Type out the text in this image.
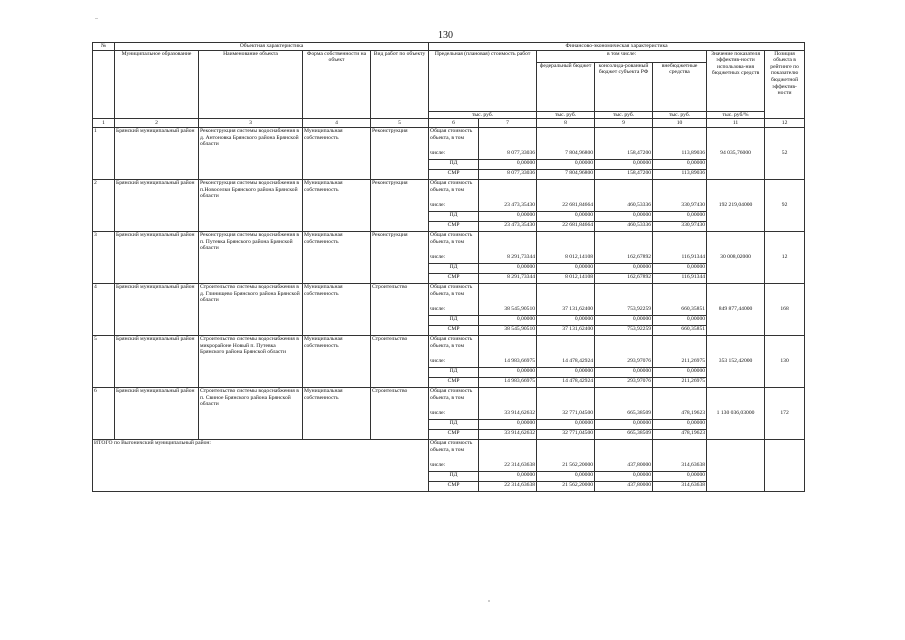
130
№	Объектная характеристика				Финансово-экономическая характеристика						
	Муниципальное образование	Наименование объекта	Форма собственности на объект	Вид работ по объекту	Предельная (плановая) стоимость работ		в том числе:			Значение показателя эффектив-ности использова-ния бюджетных средств	Позиция объекта в рейтинге по показателю бюджетной эффектив-ности
							федеральный бюджет	консолида-рованный бюджет субъекта РФ	внебюджетные средства		
					тыс. руб.		тыс. руб.	тыс. руб.	тыс. руб.	тыс. руб/%	
1	2	3	4	5	6	7	8	9	10	11	12
1	Брянский муниципальный район	Реконструкция системы водоснабжения в д. Антоновка Брянского района Брянской области	Муниципальная собственность	Реконструкция	Общая стоимость объекта, в том					94 035,76000	52
					числе:	8 077,33036	7 804,96800	158,47200	113,89036		
					ПД	0,00000	0,00000	0,00000	0,00000		
					СМР	8 077,33036	7 804,96800	158,47200	113,89036		
2	Брянский муниципальный район	Реконструкция системы водоснабжения в п.Новоселки Брянского района Брянской области	Муниципальная собственность	Реконструкция	Общая стоимость объекта, в том					192 219,04000	92
					числе:	23 473,35430	22 681,84664	460,53336	330,97430		
					ПД	0,00000	0,00000	0,00000	0,00000		
					СМР	23 473,35430	22 681,84664	460,53336	330,97430		
3	Брянский муниципальный район	Реконструкция системы водоснабжения в п. Путевка Брянского района Брянской области	Муниципальная собственность	Реконструкция	Общая стоимость объекта, в том					30 008,02000	12
					числе:	8 291,73344	8 012,14108	162,67892	116,91344		
					ПД	0,00000	0,00000	0,00000	0,00000		
					СМР	8 291,73344	8 012,14108	162,67892	116,91344		
4	Брянский муниципальный район	Строительство системы водоснабжения в д. Глинищево Брянского района Брянской области	Муниципальная собственность	Строительство	Общая стоимость объекта, в том					849 877,44000	168
					числе:	38 545,90510	37 131,62400	753,92259	660,35851		
					ПД	0,00000	0,00000	0,00000	0,00000		
					СМР	38 545,90510	37 131,62400	753,92259	660,35851		
5	Брянский муниципальный район	Строительство системы водоснабжения в микрорайоне Новый п. Путевка Брянского района Брянской области	Муниципальная собственность	Строительство	Общая стоимость объекта, в том					353 152,42000	130
					числе:	14 983,66975	14 478,42924	293,97076	211,26975		
					ПД	0,00000	0,00000	0,00000	0,00000		
					СМР	14 983,66975	14 478,42924	293,97076	211,26975		
6	Брянский муниципальный район	Строительство системы водоснабжения в п. Свиное Брянского района Брянской области	Муниципальная собственность	Строительство	Общая стоимость объекта, в том					1 130 036,03000	172
					числе:	33 914,62632	32 771,04500	665,38509	478,19623		
					ПД	0,00000	0,00000	0,00000	0,00000		
					СМР	33 914,62632	32 771,04500	665,38509	478,19623		
ИТОГО по Выгоничский муниципальный район:					Общая стоимость объекта, в том						
					числе:	22 314,63638	21 562,20000	437,80000	314,63638		
					ПД	0,00000	0,00000	0,00000	0,00000		
					СМР	22 314,63638	21 562,20000	437,80000	314,63638		
